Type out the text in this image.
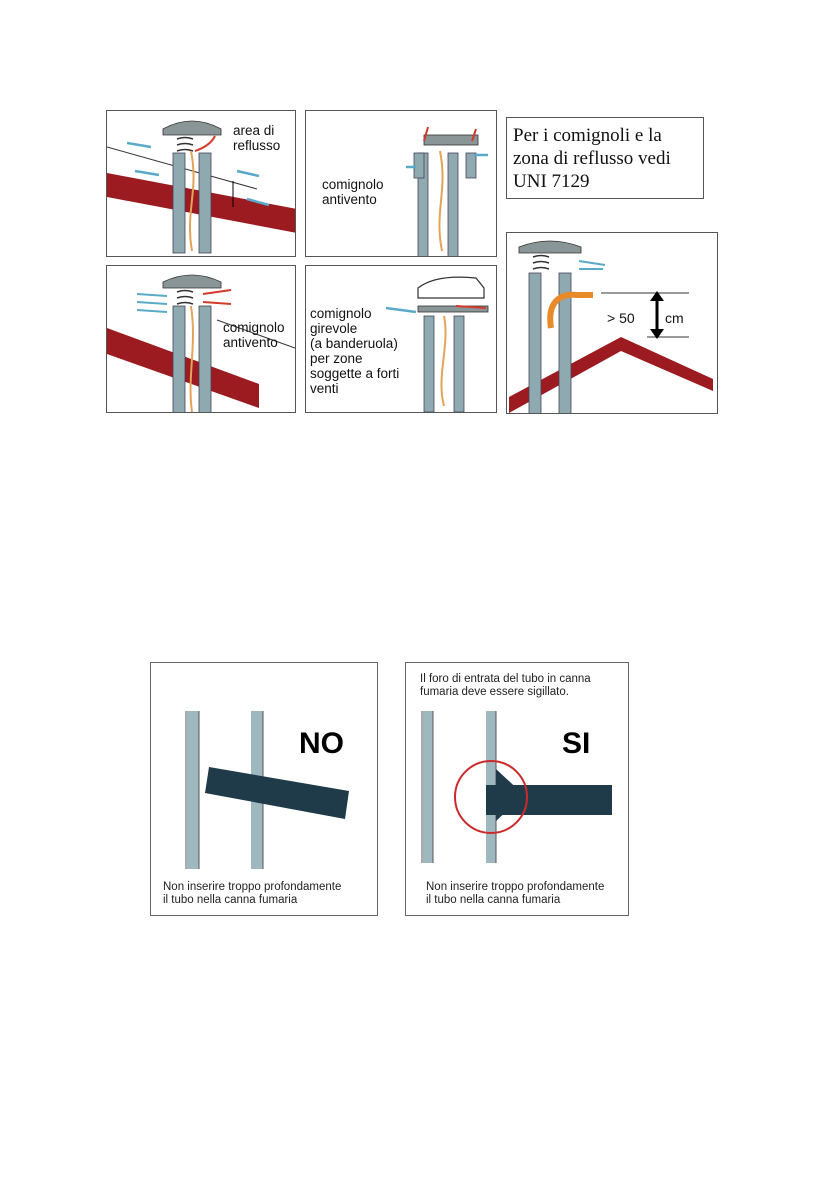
area di
reflusso
comignolo
antivento
Per i comignoli e la
zona di reflusso vedi
UNI 7129
comignolo
antivento
comignolo
girevole
(a banderuola)
per zone
soggette a forti
venti
> 50 cm
NO
Non inserire troppo profondamente
il tubo nella canna fumaria
Il foro di entrata del tubo in canna
fumaria deve essere sigillato.
SI
Non inserire troppo profondamente
il tubo nella canna fumaria
